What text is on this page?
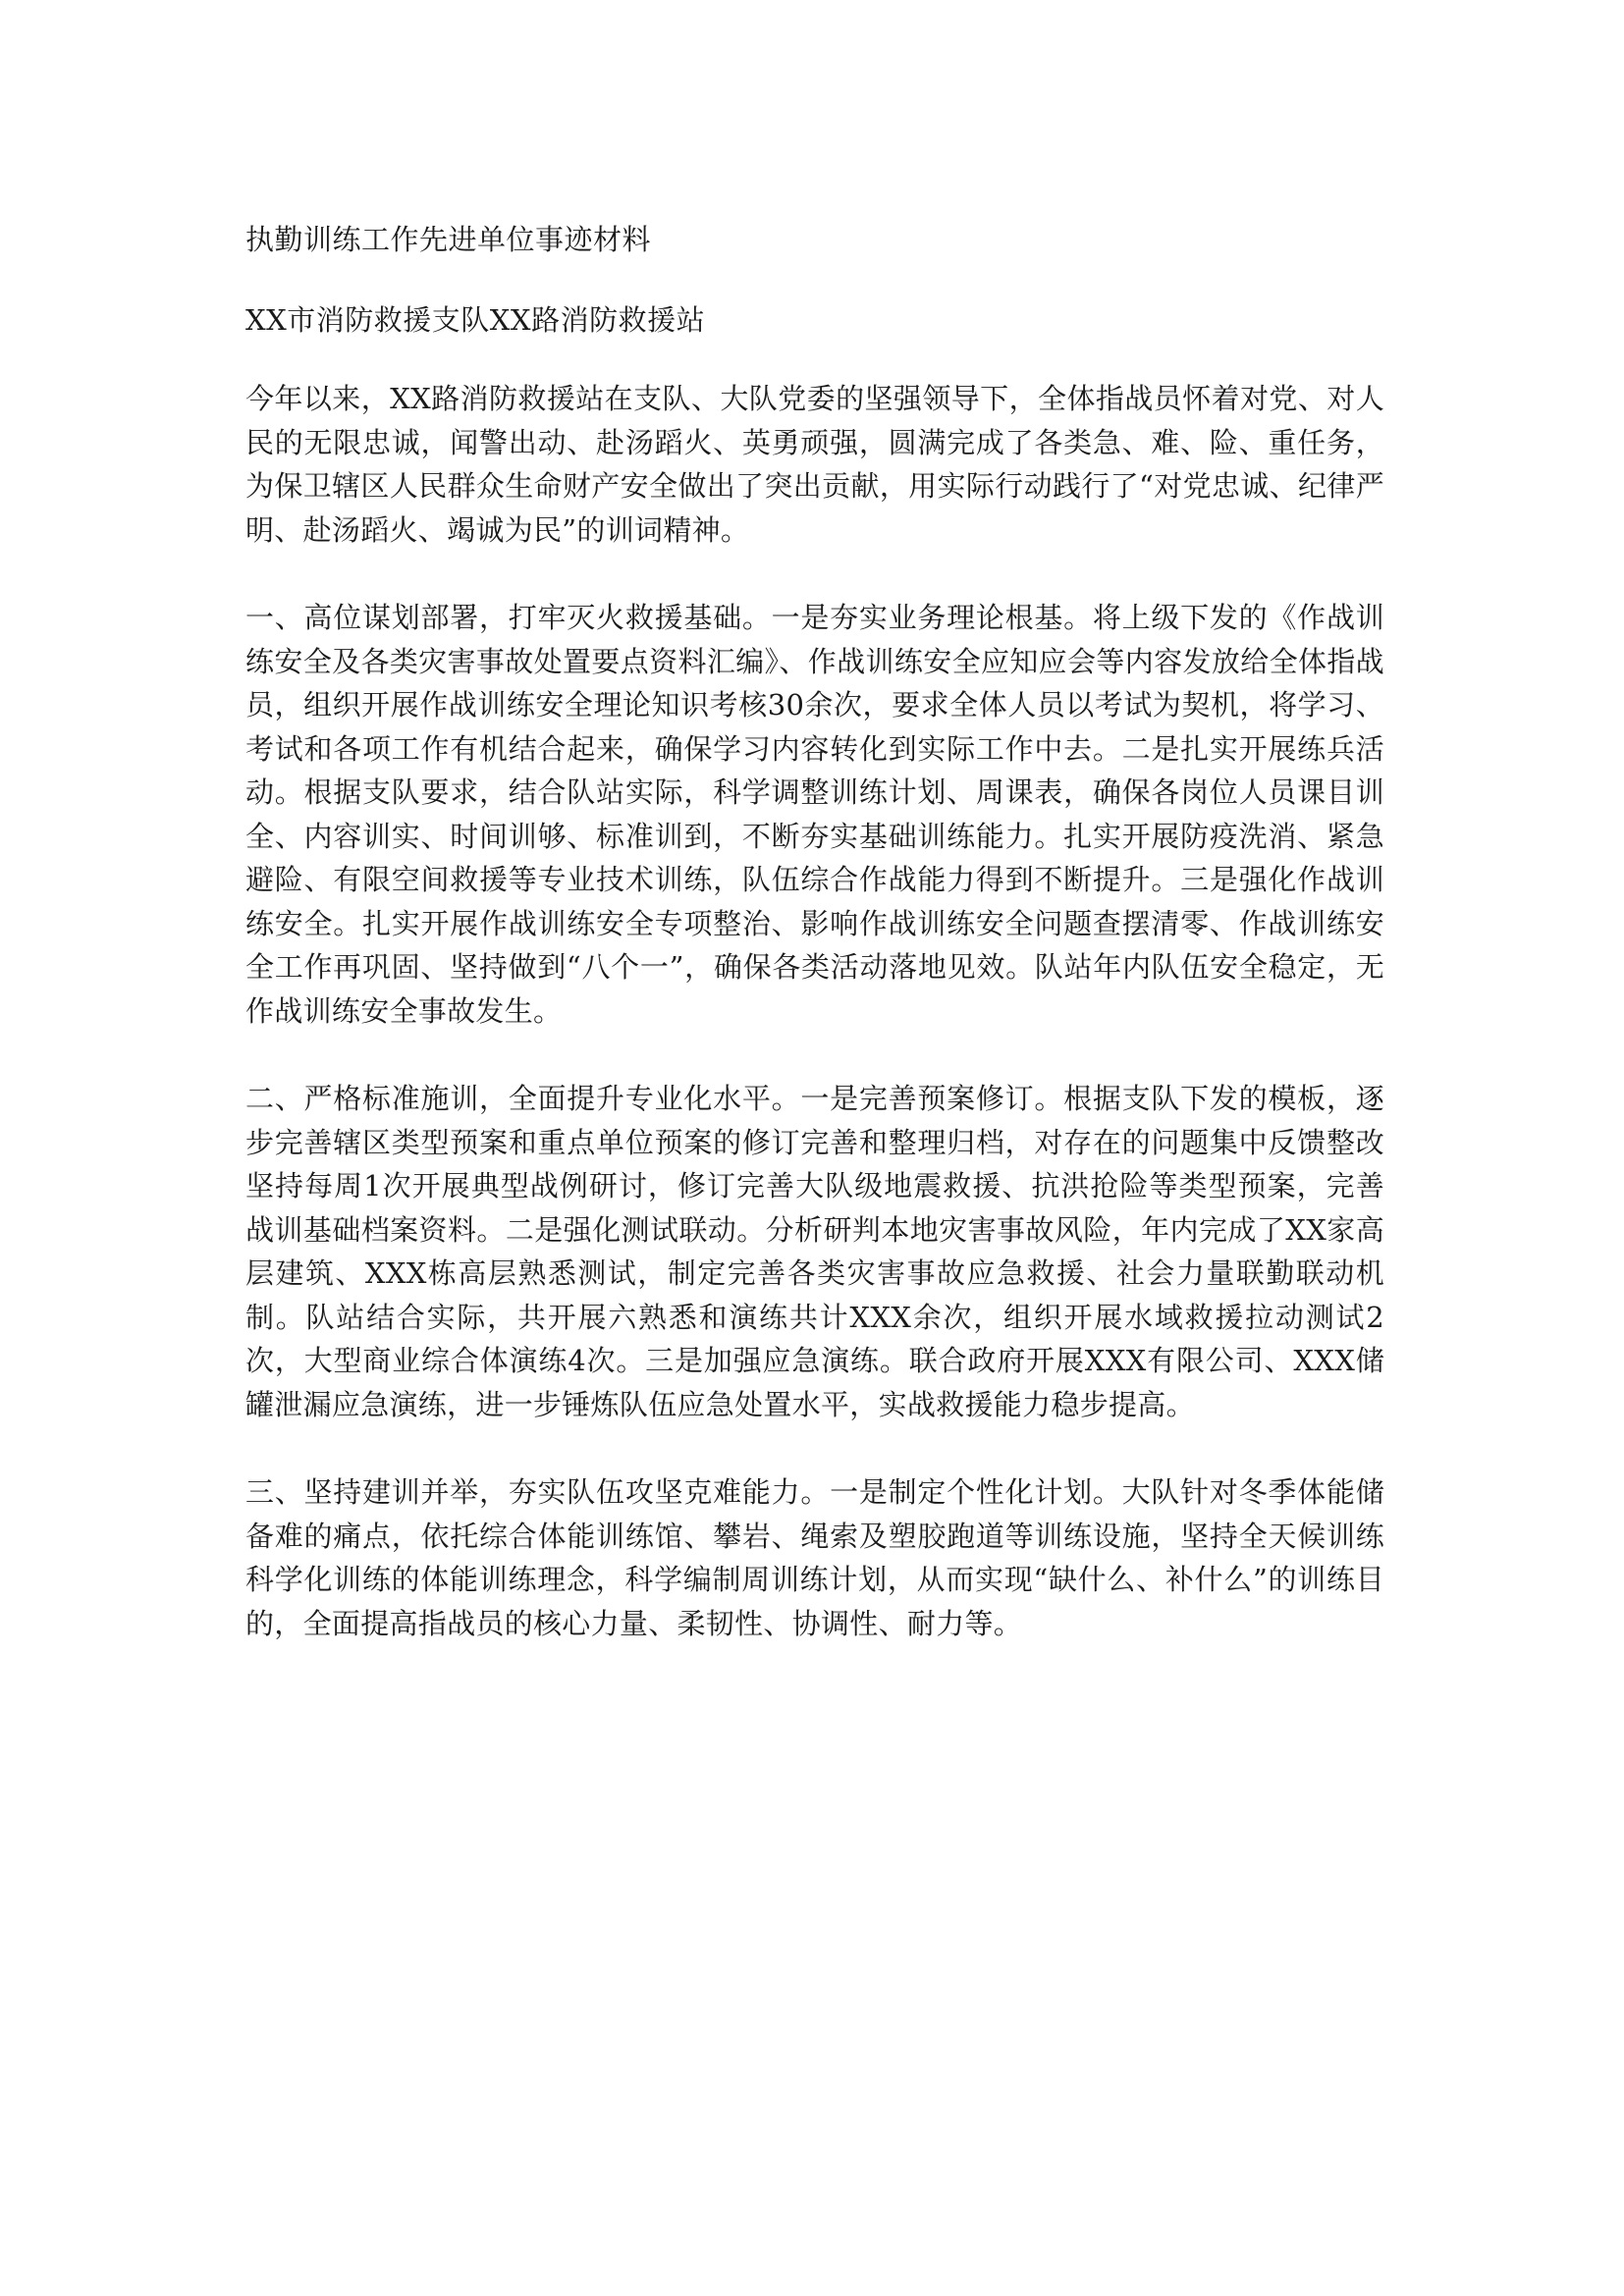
执勤训练工作先进单位事迹材料

XX市消防救援支队XX路消防救援站

今年以来，XX路消防救援站在支队、大队党委的坚强领导下，全体指战员怀着对党、对人民的无限忠诚，闻警出动、赴汤蹈火、英勇顽强，圆满完成了各类急、难、险、重任务，为保卫辖区人民群众生命财产安全做出了突出贡献，用实际行动践行了“对党忠诚、纪律严明、赴汤蹈火、竭诚为民”的训词精神。

一、高位谋划部署，打牢灭火救援基础。一是夯实业务理论根基。将上级下发的《作战训练安全及各类灾害事故处置要点资料汇编》、作战训练安全应知应会等内容发放给全体指战员，组织开展作战训练安全理论知识考核30余次，要求全体人员以考试为契机，将学习、考试和各项工作有机结合起来，确保学习内容转化到实际工作中去。二是扎实开展练兵活动。根据支队要求，结合队站实际，科学调整训练计划、周课表，确保各岗位人员课目训全、内容训实、时间训够、标准训到，不断夯实基础训练能力。扎实开展防疫洗消、紧急避险、有限空间救援等专业技术训练，队伍综合作战能力得到不断提升。三是强化作战训练安全。扎实开展作战训练安全专项整治、影响作战训练安全问题查摆清零、作战训练安全工作再巩固、坚持做到“八个一”，确保各类活动落地见效。队站年内队伍安全稳定，无作战训练安全事故发生。

二、严格标准施训，全面提升专业化水平。一是完善预案修订。根据支队下发的模板，逐步完善辖区类型预案和重点单位预案的修订完善和整理归档，对存在的问题集中反馈整改坚持每周1次开展典型战例研讨，修订完善大队级地震救援、抗洪抢险等类型预案，完善战训基础档案资料。二是强化测试联动。分析研判本地灾害事故风险，年内完成了XX家高层建筑、XXX栋高层熟悉测试，制定完善各类灾害事故应急救援、社会力量联勤联动机制。队站结合实际，共开展六熟悉和演练共计XXX余次，组织开展水域救援拉动测试2次，大型商业综合体演练4次。三是加强应急演练。联合政府开展XXX有限公司、XXX储罐泄漏应急演练，进一步锤炼队伍应急处置水平，实战救援能力稳步提高。

三、坚持建训并举，夯实队伍攻坚克难能力。一是制定个性化计划。大队针对冬季体能储备难的痛点，依托综合体能训练馆、攀岩、绳索及塑胶跑道等训练设施，坚持全天候训练科学化训练的体能训练理念，科学编制周训练计划，从而实现“缺什么、补什么”的训练目的，全面提高指战员的核心力量、柔韧性、协调性、耐力等。
